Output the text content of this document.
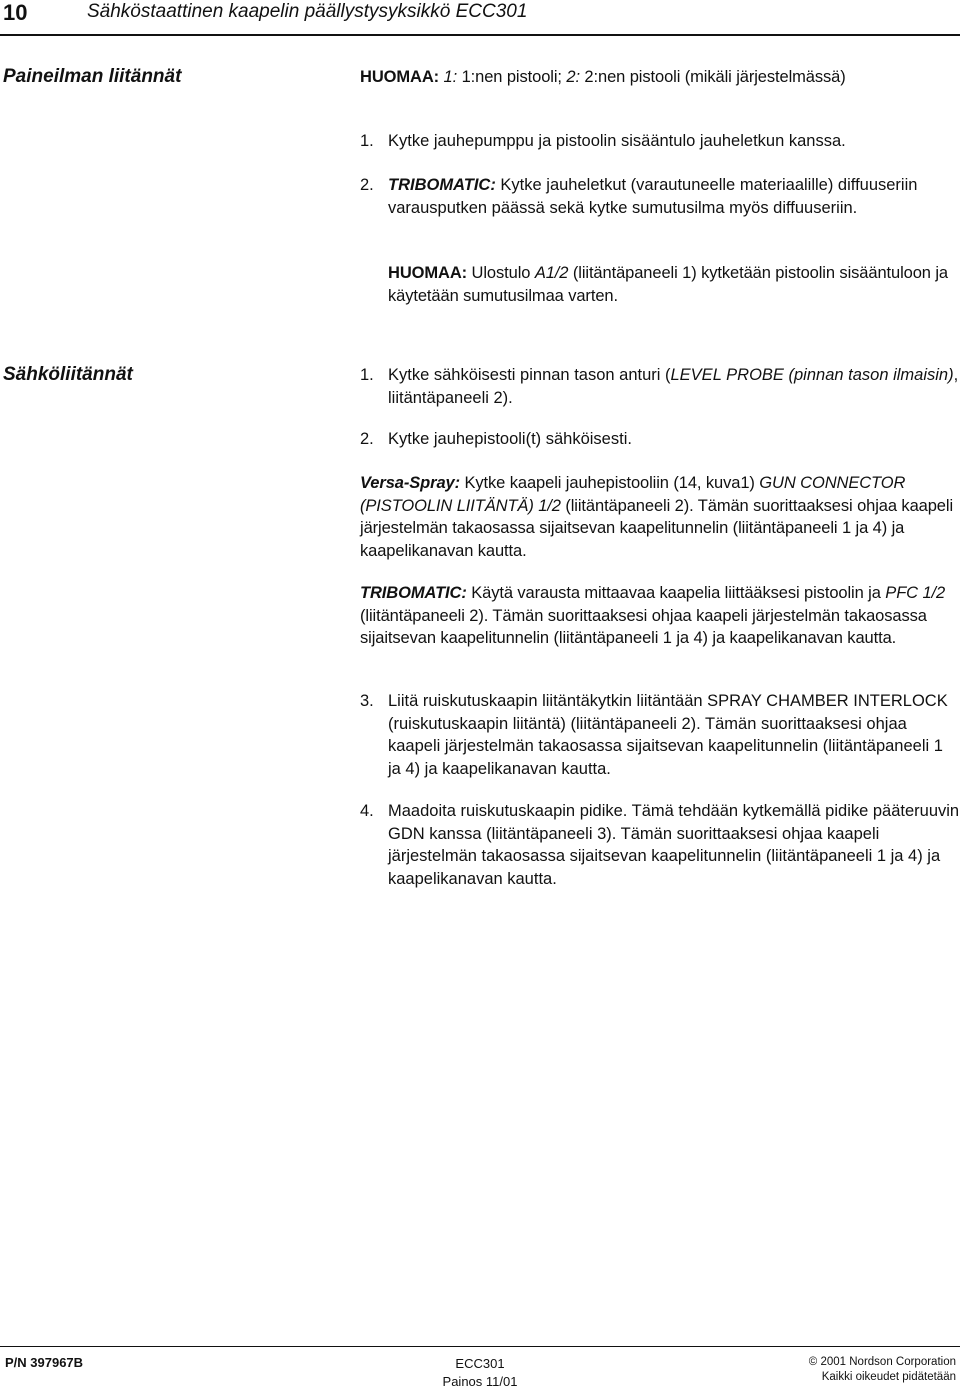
10	Sähköstaattinen kaapelin päällystysyksikkö ECC301
Paineilman liitännät	HUOMAA: 1: 1:nen pistooli; 2: 2:nen pistooli (mikäli järjestelmässä)
1. Kytke jauhepumppu ja pistoolin sisääntulo jauheletkun kanssa.
2. TRIBOMATIC: Kytke jauheletkut (varautuneelle materiaalille) diffuuseriin varausputken päässä sekä kytke sumutusilma myös diffuuseriin.
HUOMAA: Ulostulo A1/2 (liitäntäpaneeli 1) kytketään pistoolin sisääntuloon ja käytetään sumutusilmaa varten.
Sähköliitännät	1. Kytke sähköisesti pinnan tason anturi (LEVEL PROBE (pinnan tason ilmaisin), liitäntäpaneeli 2).
2. Kytke jauhepistooli(t) sähköisesti.
Versa-Spray: Kytke kaapeli jauhepistooliin (14, kuva1) GUN CONNECTOR (PISTOOLIN LIITÄNTÄ) 1/2 (liitäntäpaneeli 2). Tämän suorittaaksesi ohjaa kaapeli järjestelmän takaosassa sijaitsevan kaapelitunnelin (liitäntäpaneeli 1 ja 4) ja kaapelikanavan kautta.
TRIBOMATIC: Käytä varausta mittaavaa kaapelia liittääksesi pistoolin ja PFC 1/2 (liitäntäpaneeli 2). Tämän suorittaaksesi ohjaa kaapeli järjestelmän takaosassa sijaitsevan kaapelitunnelin (liitäntäpaneeli 1 ja 4) ja kaapelikanavan kautta.
3. Liitä ruiskutuskaapin liitäntäkytkin liitäntään SPRAY CHAMBER INTERLOCK (ruiskutuskaapin liitäntä) (liitäntäpaneeli 2). Tämän suorittaaksesi ohjaa kaapeli järjestelmän takaosassa sijaitsevan kaapelitunnelin (liitäntäpaneeli 1 ja 4) ja kaapelikanavan kautta.
4. Maadoita ruiskutuskaapin pidike. Tämä tehdään kytkemällä pidike pääteruuvin GDN kanssa (liitäntäpaneeli 3). Tämän suorittaaksesi ohjaa kaapeli järjestelmän takaosassa sijaitsevan kaapelitunnelin (liitäntäpaneeli 1 ja 4) ja kaapelikanavan kautta.
P/N 397967B	ECC301
Painos 11/01
© 2001 Nordson Corporation
Kaikki oikeudet pidätetään
